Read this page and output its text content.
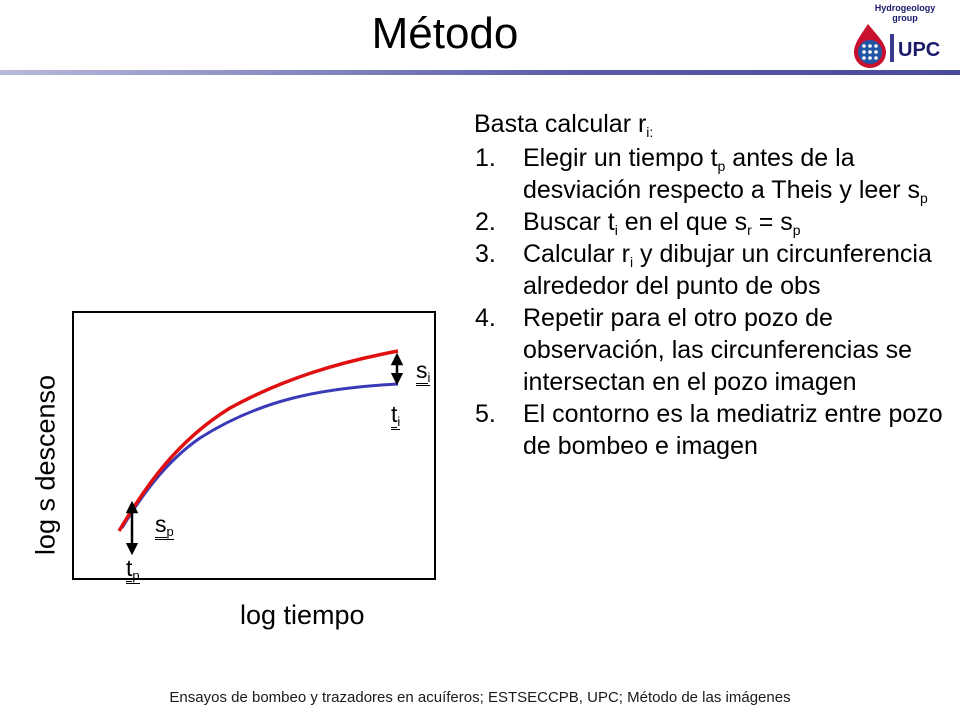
Método
Hydrogeology
group
UPC
Basta calcular $r_{i:}$
1. Elegir un tiempo $t_p$ antes de la desviación respecto a Theis y leer $s_p$
2. Buscar $t_i$ en el que $s_r = s_p$
3. Calcular $r_i$ y dibujar un circunferencia alrededor del punto de obs
4. Repetir para el otro pozo de observación, las circunferencias se intersectan en el pozo imagen
5. El contorno es la mediatriz entre pozo de bombeo e imagen
log s descenso
log tiempo
$s_i$
$t_i$
$s_p$
$t_p$
Ensayos de bombeo y trazadores en acuíferos; ESTSECCPB, UPC; Método de las imágenes
